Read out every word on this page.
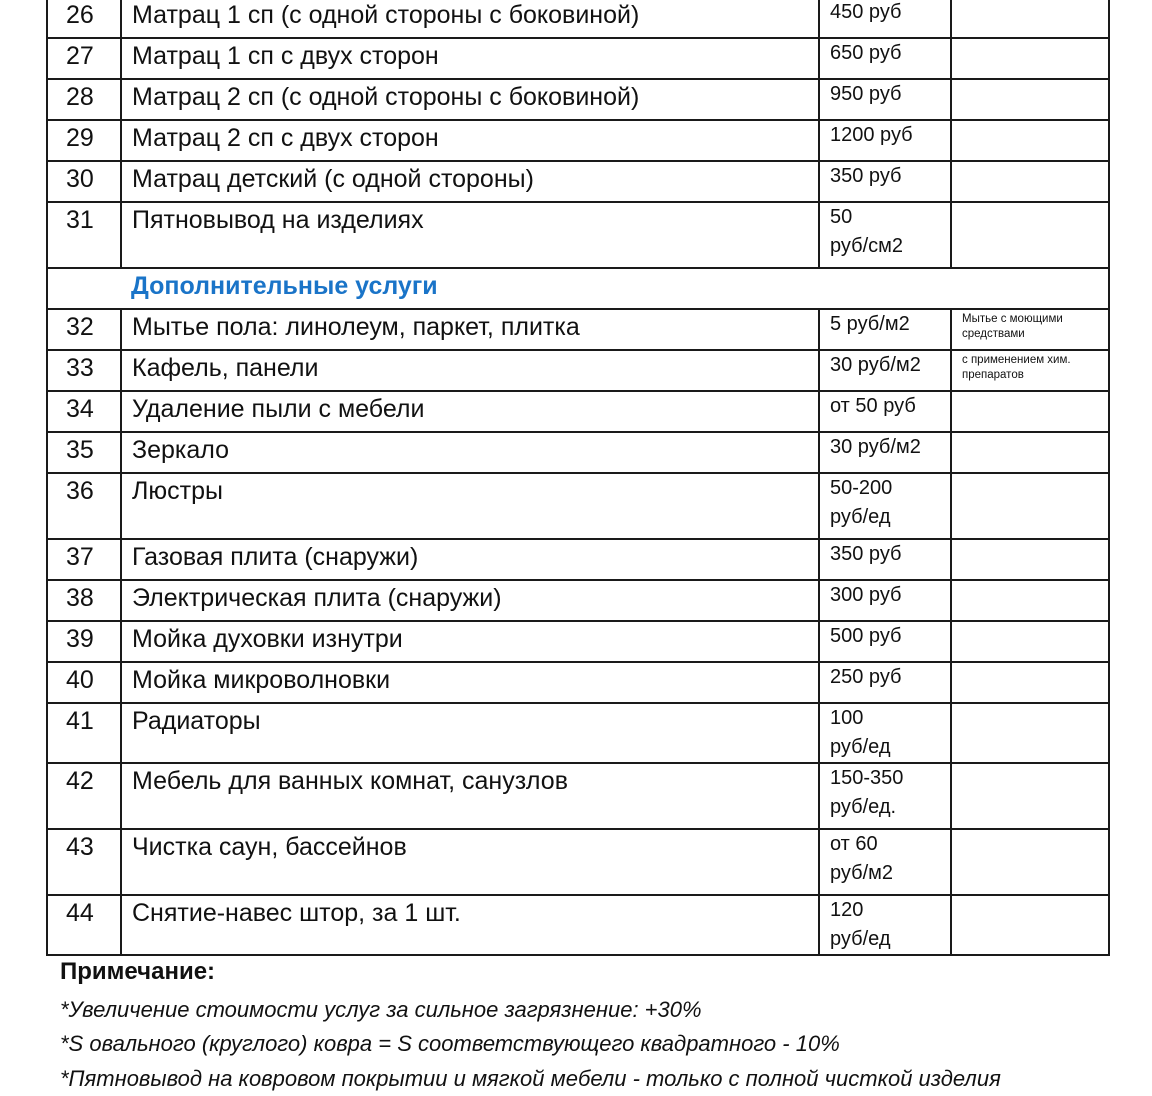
26	Матрац 1 сп (с одной стороны с боковиной)	450 руб	
27	Матрац 1 сп с двух сторон	650 руб	
28	Матрац 2 сп (с одной стороны с боковиной)	950 руб	
29	Матрац 2 сп с двух сторон	1200 руб	
30	Матрац детский (с одной стороны)	350 руб	
31	Пятновывод на изделиях	50
руб/см2	
	Дополнительные услуги		
32	Мытье пола: линолеум, паркет, плитка	5 руб/м2	Мытье с моющими
средствами
33	Кафель, панели	30 руб/м2	с применением хим.
препаратов
34	Удаление пыли с мебели	от 50 руб	
35	Зеркало	30 руб/м2	
36	Люстры	50-200
руб/ед	
37	Газовая плита (снаружи)	350 руб	
38	Электрическая плита (снаружи)	300 руб	
39	Мойка духовки изнутри	500 руб	
40	Мойка микроволновки	250 руб	
41	Радиаторы	100
руб/ед	
42	Мебель для ванных комнат, санузлов	150-350
руб/ед.	
43	Чистка саун, бассейнов	от 60
руб/м2	
44	Снятие-навес штор, за 1 шт.	120
руб/ед	
Примечание:
*Увеличение стоимости услуг за сильное загрязнение: +30%
*S овального (круглого) ковра = S соответствующего квадратного - 10%
*Пятновывод на ковровом покрытии и мягкой мебели - только с полной чисткой изделия
